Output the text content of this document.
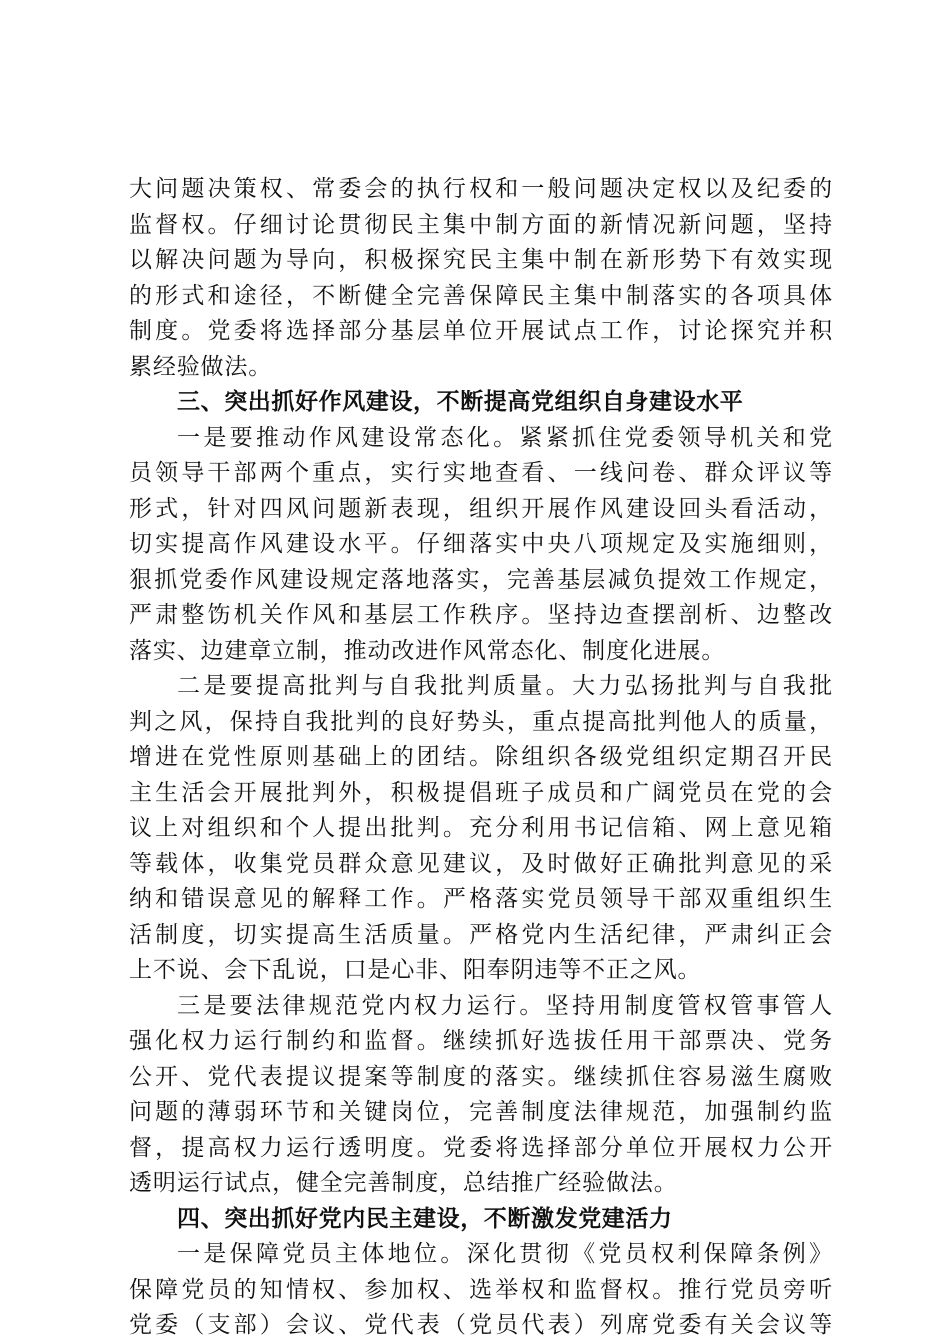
大问题决策权、常委会的执行权和一般问题决定权以及纪委的
监督权。仔细讨论贯彻民主集中制方面的新情况新问题，坚持
以解决问题为导向，积极探究民主集中制在新形势下有效实现
的形式和途径，不断健全完善保障民主集中制落实的各项具体
制度。党委将选择部分基层单位开展试点工作，讨论探究并积
累经验做法。
三、突出抓好作风建设，不断提高党组织自身建设水平
一是要推动作风建设常态化。紧紧抓住党委领导机关和党
员领导干部两个重点，实行实地查看、一线问卷、群众评议等
形式，针对四风问题新表现，组织开展作风建设回头看活动，
切实提高作风建设水平。仔细落实中央八项规定及实施细则，
狠抓党委作风建设规定落地落实，完善基层减负提效工作规定，
严肃整饬机关作风和基层工作秩序。坚持边查摆剖析、边整改
落实、边建章立制，推动改进作风常态化、制度化进展。
二是要提高批判与自我批判质量。大力弘扬批判与自我批
判之风，保持自我批判的良好势头，重点提高批判他人的质量，
增进在党性原则基础上的团结。除组织各级党组织定期召开民
主生活会开展批判外，积极提倡班子成员和广阔党员在党的会
议上对组织和个人提出批判。充分利用书记信箱、网上意见箱
等载体，收集党员群众意见建议，及时做好正确批判意见的采
纳和错误意见的解释工作。严格落实党员领导干部双重组织生
活制度，切实提高生活质量。严格党内生活纪律，严肃纠正会
上不说、会下乱说，口是心非、阳奉阴违等不正之风。
三是要法律规范党内权力运行。坚持用制度管权管事管人
强化权力运行制约和监督。继续抓好选拔任用干部票决、党务
公开、党代表提议提案等制度的落实。继续抓住容易滋生腐败
问题的薄弱环节和关键岗位，完善制度法律规范，加强制约监
督，提高权力运行透明度。党委将选择部分单位开展权力公开
透明运行试点，健全完善制度，总结推广经验做法。
四、突出抓好党内民主建设，不断激发党建活力
一是保障党员主体地位。深化贯彻《党员权利保障条例》
保障党员的知情权、参加权、选举权和监督权。推行党员旁听
党委（支部）会议、党代表（党员代表）列席党委有关会议等
